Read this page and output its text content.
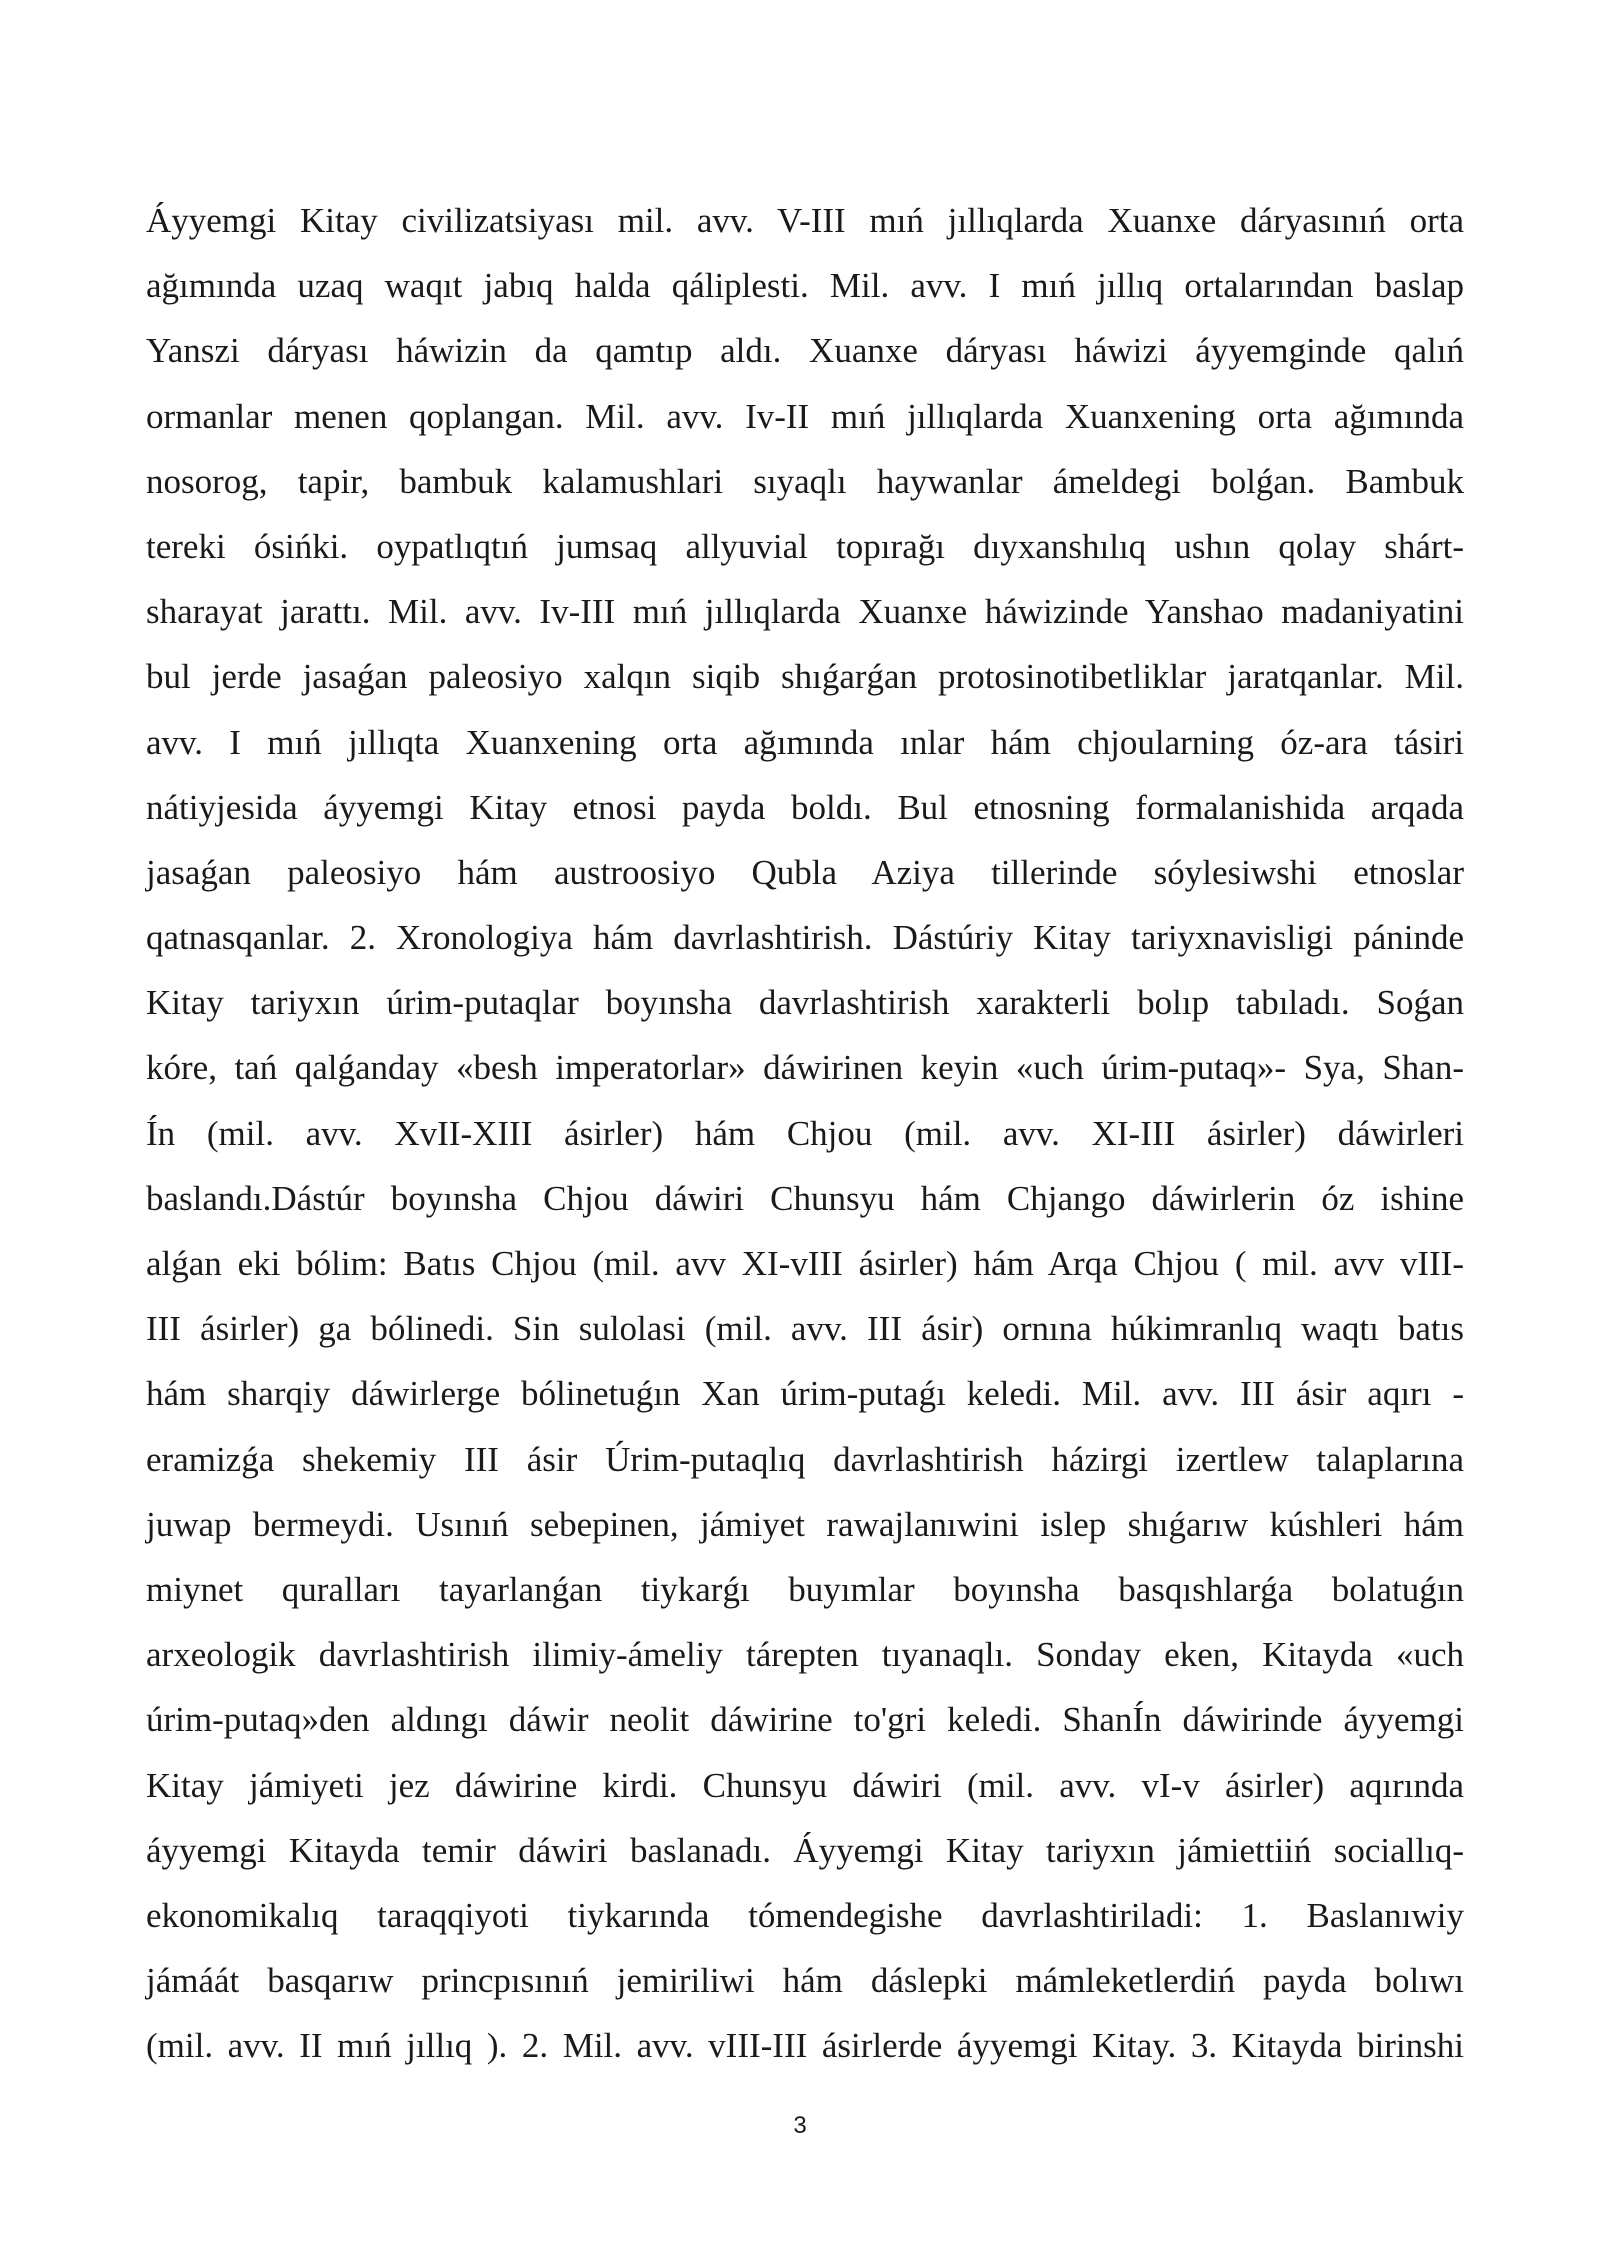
Áyyemgi Kitay civilizatsiyası mil. avv. V-III mıń jıllıqlarda Xuanxe dáryasınıń orta
ağımında uzaq waqıt jabıq halda qáliplesti. Mil. avv. I mıń jıllıq ortalarından baslap
Yanszi dáryası háwizin da qamtıp aldı. Xuanxe dáryası háwizi áyyemginde qalıń
ormanlar menen qoplangan. Mil. avv. Iv-II mıń jıllıqlarda Xuanxening orta ağımında
nosorog, tapir, bambuk kalamushlari sıyaqlı haywanlar ámeldegi bolǵan. Bambuk
tereki ósińki. oypatlıqtıń jumsaq allyuvial topırağı dıyxanshılıq ushın qolay shárt-
sharayat jarattı. Mil. avv. Iv-III mıń jıllıqlarda Xuanxe háwizinde Yanshao madaniyatini
bul jerde jasaǵan paleosiyo xalqın siqib shıǵarǵan protosinotibetliklar jaratqanlar. Mil.
avv. I mıń jıllıqta Xuanxening orta ağımında ınlar hám chjoularning óz-ara tásiri
nátiyjesida áyyemgi Kitay etnosi payda boldı. Bul etnosning formalanishida arqada
jasaǵan paleosiyo hám austroosiyo Qubla Aziya tillerinde sóylesiwshi etnoslar
qatnasqanlar. 2. Xronologiya hám davrlashtirish. Dástúriy Kitay tariyxnavisligi páninde
Kitay tariyxın úrim-putaqlar boyınsha davrlashtirish xarakterli bolıp tabıladı. Soǵan
kóre, tań qalǵanday «besh imperatorlar» dáwirinen keyin «uch úrim-putaq»- Sya, Shan-
Ín (mil. avv. XvII-XIII ásirler) hám Chjou (mil. avv. XI-III ásirler) dáwirleri
baslandı.Dástúr boyınsha Chjou dáwiri Chunsyu hám Chjango dáwirlerin óz ishine
alǵan eki bólim: Batıs Chjou (mil. avv XI-vIII ásirler) hám Arqa Chjou ( mil. avv vIII-
III ásirler) ga bólinedi. Sin sulolasi (mil. avv. III ásir) ornına húkimranlıq waqtı batıs
hám sharqiy dáwirlerge bólinetuǵın Xan úrim-putaǵı keledi. Mil. avv. III ásir aqırı -
eramizǵa shekemiy III ásir Úrim-putaqlıq davrlashtirish házirgi izertlew talaplarına
juwap bermeydi. Usınıń sebepinen, jámiyet rawajlanıwini islep shıǵarıw kúshleri hám
miynet quralları tayarlanǵan tiykarǵı buyımlar boyınsha basqıshlarǵa bolatuǵın
arxeologik davrlashtirish ilimiy-ámeliy tárepten tıyanaqlı. Sonday eken, Kitayda «uch
úrim-putaq»den aldıngı dáwir neolit dáwirine to'gri keledi. ShanÍn dáwirinde áyyemgi
Kitay jámiyeti jez dáwirine kirdi. Chunsyu dáwiri (mil. avv. vI-v ásirler) aqırında
áyyemgi Kitayda temir dáwiri baslanadı. Áyyemgi Kitay tariyxın jámiettiiń sociallıq-
ekonomikalıq taraqqiyoti tiykarında tómendegishe davrlashtiriladi: 1. Baslanıwiy
jámáát basqarıw princpısınıń jemiriliwi hám dáslepki mámleketlerdiń payda bolıwı
(mil. avv. II mıń jıllıq ). 2. Mil. avv. vIII-III ásirlerde áyyemgi Kitay. 3. Kitayda birinshi
3
